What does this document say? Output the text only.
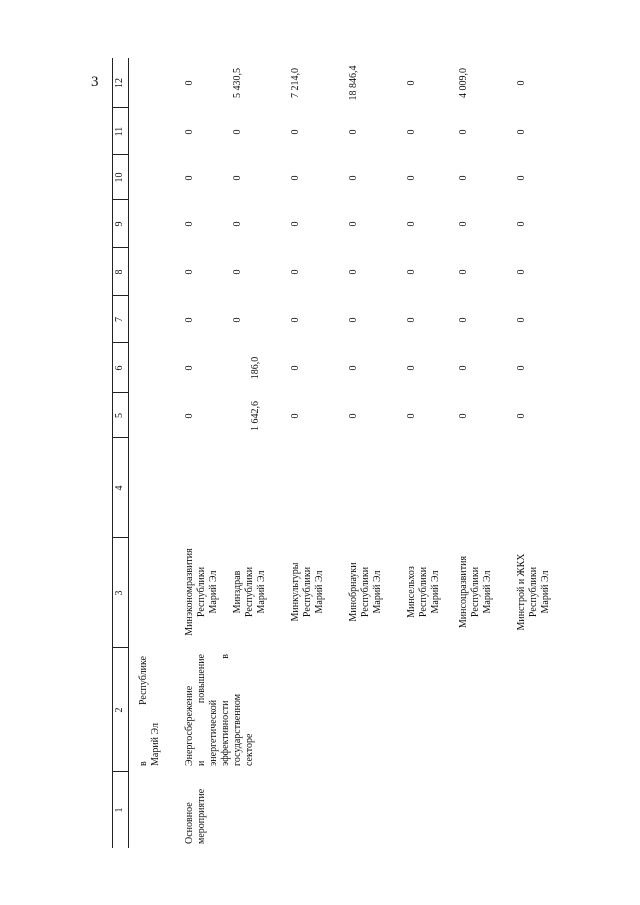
3
1
2
3
4
5
6
7
8
9
10
11
12
в Республике Марий Эл
Основное мероприятие
Энергосбережение и повышение энергетической эффективности в государственном секторе
Минэкономразвития Республики Марий Эл
0
0
0
0
0
0
0
0
Минздрав Республики Марий Эл
1 642,6
186,0
0
0
0
0
0
5 430,5
Минкультуры Республики Марий Эл
0
0
0
0
0
0
0
7 214,0
Минобрнауки Республики Марий Эл
0
0
0
0
0
0
0
18 846,4
Минсельхоз Республики Марий Эл
0
0
0
0
0
0
0
0
Минсоцразвития Республики Марий Эл
0
0
0
0
0
0
0
4 009,0
Минстрой и ЖКХ Республики Марий Эл
0
0
0
0
0
0
0
0
